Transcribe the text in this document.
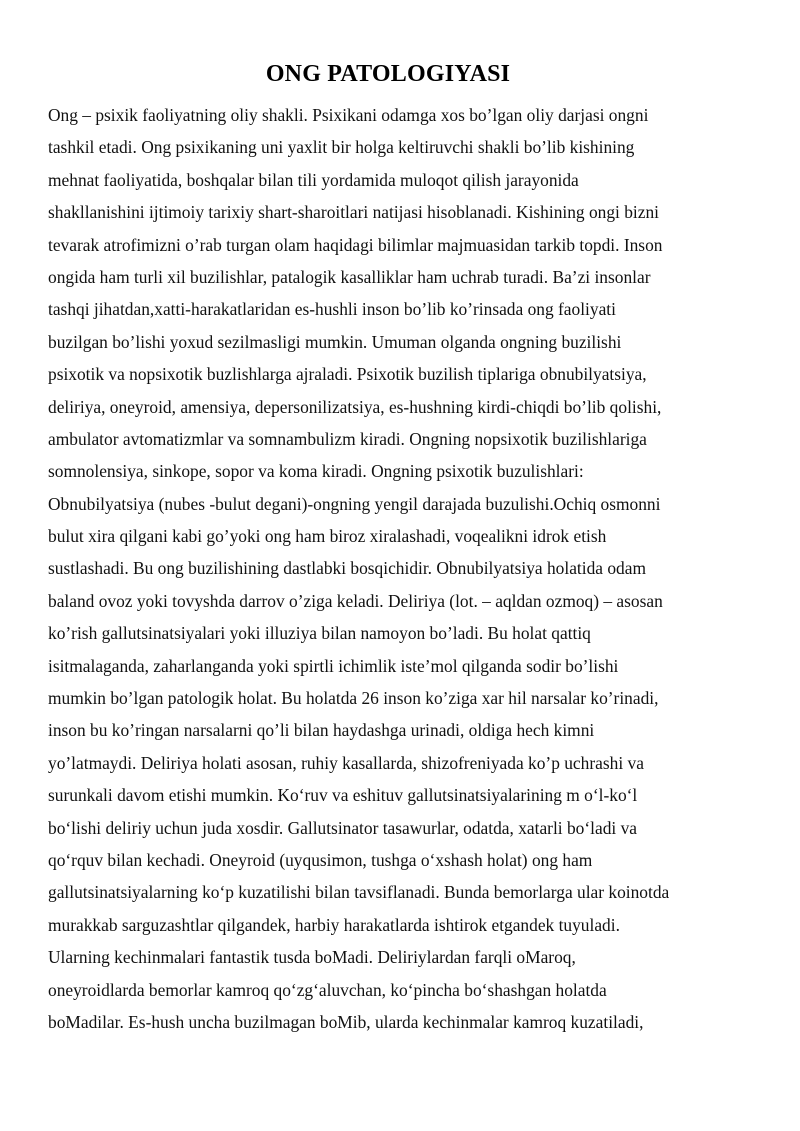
ONG PATOLOGIYASI
Ong – psixik faoliyatning oliy shakli. Psixikani odamga xos bo’lgan oliy darjasi ongni
tashkil etadi. Ong psixikaning uni yaxlit bir holga keltiruvchi shakli bo’lib kishining
mehnat faoliyatida, boshqalar bilan tili yordamida muloqot qilish jarayonida
shakllanishini ijtimoiy tarixiy shart-sharoitlari natijasi hisoblanadi. Kishining ongi bizni
tevarak atrofimizni o’rab turgan olam haqidagi bilimlar majmuasidan tarkib topdi. Inson
ongida ham turli xil buzilishlar, patalogik kasalliklar ham uchrab turadi. Ba’zi insonlar
tashqi jihatdan,xatti-harakatlaridan es-hushli inson bo’lib ko’rinsada ong faoliyati
buzilgan bo’lishi yoxud sezilmasligi mumkin. Umuman olganda ongning buzilishi
psixotik va nopsixotik buzlishlarga ajraladi. Psixotik buzilish tiplariga obnubilyatsiya,
deliriya, oneyroid, amensiya, depersonilizatsiya, es-hushning kirdi-chiqdi bo’lib qolishi,
ambulator avtomatizmlar va somnambulizm kiradi. Ongning nopsixotik buzilishlariga
somnolensiya, sinkope, sopor va koma kiradi. Ongning psixotik buzulishlari:
Obnubilyatsiya (nubes -bulut degani)-ongning yengil darajada buzulishi.Ochiq osmonni
bulut xira qilgani kabi go’yoki ong ham biroz xiralashadi, voqealikni idrok etish
sustlashadi. Bu ong buzilishining dastlabki bosqichidir. Obnubilyatsiya holatida odam
baland ovoz yoki tovyshda darrov o’ziga keladi. Deliriya (lot. – aqldan ozmoq) – asosan
ko’rish gallutsinatsiyalari yoki illuziya bilan namoyon bo’ladi. Bu holat qattiq
isitmalaganda, zaharlanganda yoki spirtli ichimlik iste’mol qilganda sodir bo’lishi
mumkin bo’lgan patologik holat. Bu holatda 26 inson ko’ziga xar hil narsalar ko’rinadi,
inson bu ko’ringan narsalarni qo’li bilan haydashga urinadi, oldiga hech kimni
yo’latmaydi. Deliriya holati asosan, ruhiy kasallarda, shizofreniyada ko’p uchrashi va
surunkali davom etishi mumkin. Ko‘ruv va eshituv gallutsinatsiyalarining m o‘l-ko‘l
bo‘lishi deliriy uchun juda xosdir. Gallutsinator tasawurlar, odatda, xatarli bo‘ladi va
qo‘rquv bilan kechadi. Oneyroid (uyqusimon, tushga o‘xshash holat) ong ham
gallutsinatsiyalarning ko‘p kuzatilishi bilan tavsiflanadi. Bunda bemorlarga ular koinotda
murakkab sarguzashtlar qilgandek, harbiy harakatlarda ishtirok etgandek tuyuladi.
Ularning kechinmalari fantastik tusda boMadi. Deliriylardan farqli oMaroq,
oneyroidlarda bemorlar kamroq qo‘zg‘aluvchan, ko‘pincha bo‘shashgan holatda
boMadilar. Es-hush uncha buzilmagan boMib, ularda kechinmalar kamroq kuzatiladi,
